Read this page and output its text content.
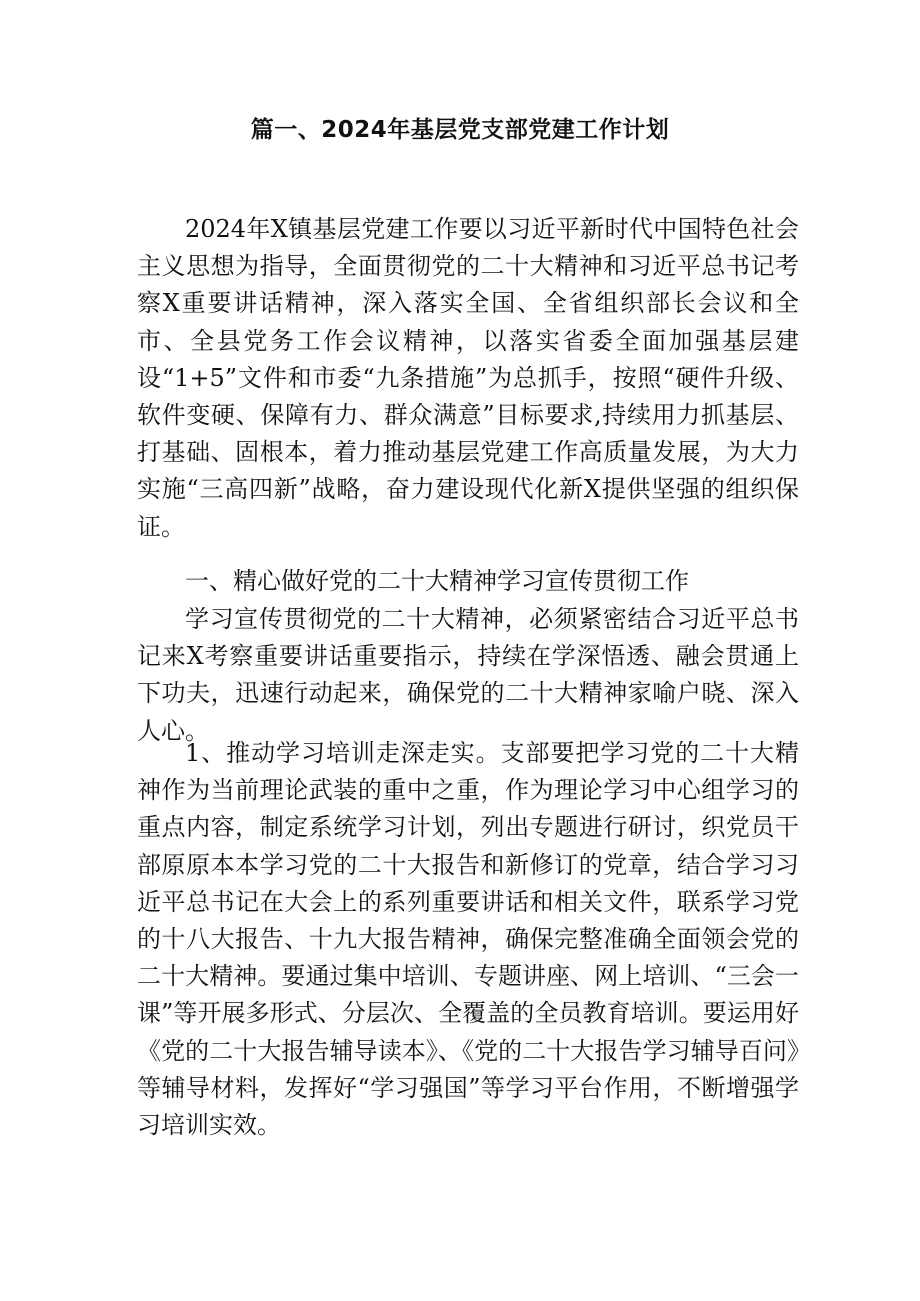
篇一、2024年基层党支部党建工作计划

2024年X镇基层党建工作要以习近平新时代中国特色社会主义思想为指导，全面贯彻党的二十大精神和习近平总书记考察X重要讲话精神，深入落实全国、全省组织部长会议和全市、全县党务工作会议精神，以落实省委全面加强基层建设“1+5”文件和市委“九条措施”为总抓手，按照“硬件升级、软件变硬、保障有力、群众满意”目标要求,持续用力抓基层、打基础、固根本，着力推动基层党建工作高质量发展，为大力实施“三高四新”战略，奋力建设现代化新X提供坚强的组织保证。

一、精心做好党的二十大精神学习宣传贯彻工作

学习宣传贯彻党的二十大精神，必须紧密结合习近平总书记来X考察重要讲话重要指示，持续在学深悟透、融会贯通上下功夫，迅速行动起来，确保党的二十大精神家喻户晓、深入人心。

1、推动学习培训走深走实。支部要把学习党的二十大精神作为当前理论武装的重中之重，作为理论学习中心组学习的重点内容，制定系统学习计划，列出专题进行研讨，织党员干部原原本本学习党的二十大报告和新修订的党章，结合学习习近平总书记在大会上的系列重要讲话和相关文件，联系学习党的十八大报告、十九大报告精神，确保完整准确全面领会党的二十大精神。要通过集中培训、专题讲座、网上培训、“三会一课”等开展多形式、分层次、全覆盖的全员教育培训。要运用好《党的二十大报告辅导读本》、《党的二十大报告学习辅导百问》等辅导材料，发挥好“学习强国”等学习平台作用，不断增强学习培训实效。
